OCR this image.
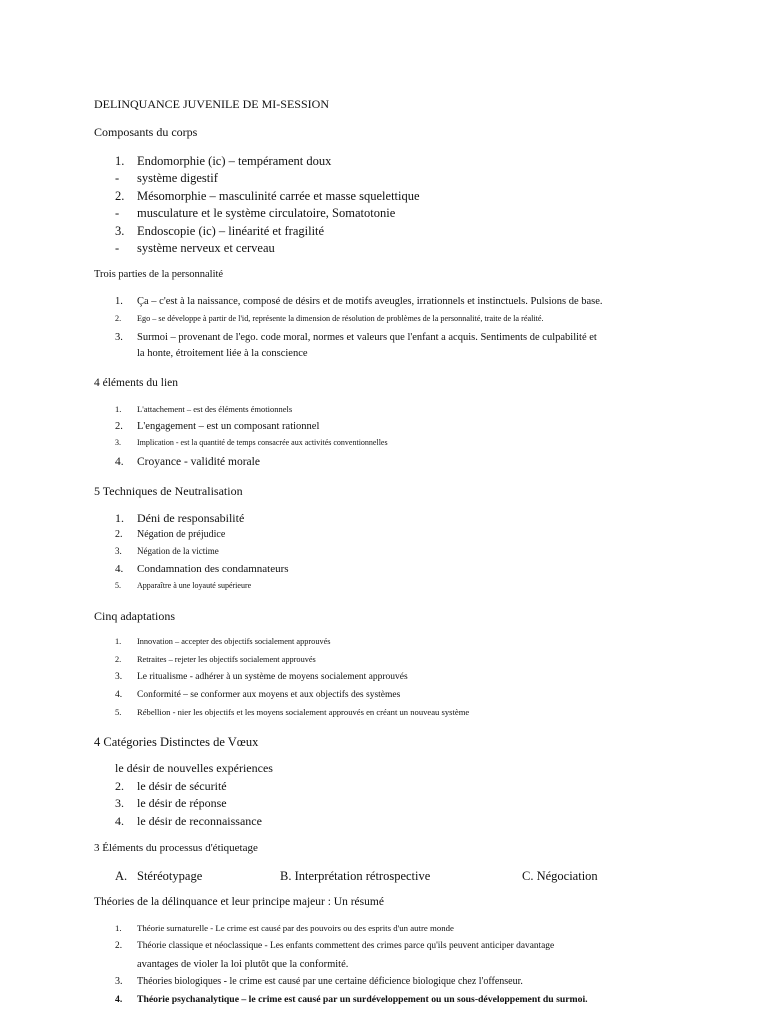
DELINQUANCE JUVENILE DE MI-SESSION
Composants du corps
1. Endomorphie (ic) – tempérament doux
- système digestif
2. Mésomorphie – masculinité carrée et masse squelettique
- musculature et le système circulatoire, Somatotonie
3. Endoscopie (ic) – linéarité et fragilité
- système nerveux et cerveau
Trois parties de la personnalité
1. Ça – c'est à la naissance, composé de désirs et de motifs aveugles, irrationnels et instinctuels. Pulsions de base.
2. Ego – se développe à partir de l'id, représente la dimension de résolution de problèmes de la personnalité, traite de la réalité.
3. Surmoi – provenant de l'ego. code moral, normes et valeurs que l'enfant a acquis. Sentiments de culpabilité et
la honte, étroitement liée à la conscience
4 éléments du lien
1. L'attachement – est des éléments émotionnels
2. L'engagement – est un composant rationnel
3. Implication - est la quantité de temps consacrée aux activités conventionnelles
4. Croyance - validité morale
5 Techniques de Neutralisation
1. Déni de responsabilité
2. Négation de préjudice
3. Négation de la victime
4. Condamnation des condamnateurs
5. Apparaître à une loyauté supérieure
Cinq adaptations
1. Innovation – accepter des objectifs socialement approuvés
2. Retraites – rejeter les objectifs socialement approuvés
3. Le ritualisme - adhérer à un système de moyens socialement approuvés
4. Conformité – se conformer aux moyens et aux objectifs des systèmes
5. Rébellion - nier les objectifs et les moyens socialement approuvés en créant un nouveau système
4 Catégories Distinctes de Vœux
le désir de nouvelles expériences
2. le désir de sécurité
3. le désir de réponse
4. le désir de reconnaissance
3 Éléments du processus d'étiquetage
A. Stéréotypage	B. Interprétation rétrospective	C. Négociation
Théories de la délinquance et leur principe majeur : Un résumé
1. Théorie surnaturelle - Le crime est causé par des pouvoirs ou des esprits d'un autre monde
2. Théorie classique et néoclassique - Les enfants commettent des crimes parce qu'ils peuvent anticiper davantage
avantages de violer la loi plutôt que la conformité.
3. Théories biologiques - le crime est causé par une certaine déficience biologique chez l'offenseur.
4. Théorie psychanalytique – le crime est causé par un surdéveloppement ou un sous-développement du surmoi.
